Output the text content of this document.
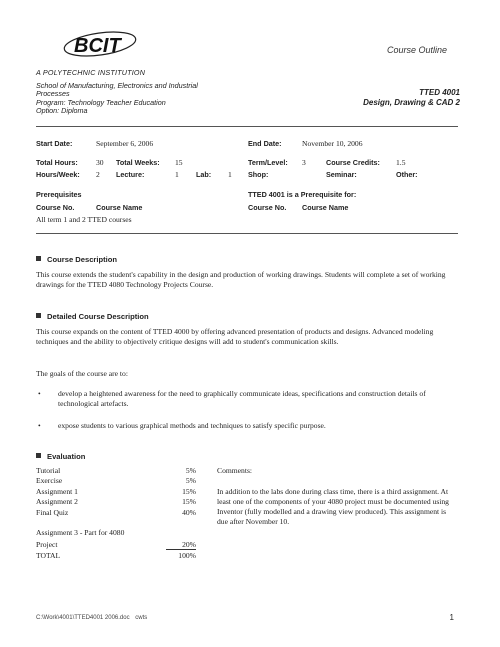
BCIT	Course Outline
A POLYTECHNIC INSTITUTION
School of Manufacturing, Electronics and Industrial
Processes
Program: Technology Teacher Education
Option: Diploma
TTED 4001
Design, Drawing & CAD 2
Start Date:	September 6, 2006	End Date:	November 10, 2006
Total Hours: 30 Total Weeks: 15	Term/Level: 3	Course Credits: 1.5
Hours/Week: 2 Lecture:	1 Lab: 1 Shop:	Seminar:	Other:
Prerequisites
Course No.	Course Name
All term 1 and 2 TTED courses
TTED 4001 is a Prerequisite for:
Course No. Course Name
Course Description
This course extends the student's capability in the design and production of working drawings. Students will complete a set of working drawings for the TTED 4080 Technology Projects Course.
Detailed Course Description
This course expands on the content of TTED 4000 by offering advanced presentation of products and designs. Advanced modeling techniques and the ability to objectively critique designs will add to student's communication skills.
The goals of the course are to:
• develop a heightened awareness for the need to graphically communicate ideas, specifications and construction details of technological artefacts.
• expose students to various graphical methods and techniques to satisfy specific purpose.
Evaluation
Tutorial	5%
Exercise	5%
Assignment 1	15%
Assignment 2	15%
Final Quiz	40%
Assignment 3 - Part for 4080
Project	20%
TOTAL	100%
Comments:
In addition to the labs done during class time, there is a third assignment. At least one of the components of your 4080 project must be documented using Inventor (fully modelled and a drawing view produced). This assignment is due after November 10.
C:\Work\4001\TTED4001 2006.doc cwts	1
